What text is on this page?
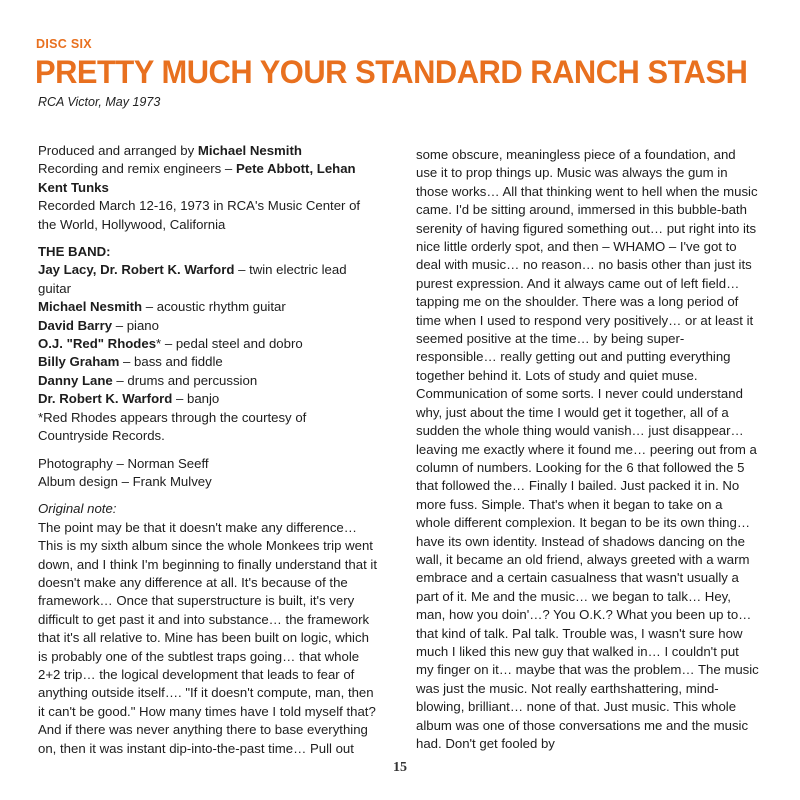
DISC SIX
PRETTY MUCH YOUR STANDARD RANCH STASH
RCA Victor, May 1973

Produced and arranged by Michael Nesmith

Recording and remix engineers – Pete Abbott, Lehan Kent Tunks

Recorded March 12-16, 1973 in RCA's Music Center of the World, Hollywood, California

THE BAND:

Jay Lacy, Dr. Robert K. Warford – twin electric lead guitar

Michael Nesmith – acoustic rhythm guitar

David Barry – piano

O.J. "Red" Rhodes* – pedal steel and dobro

Billy Graham – bass and fiddle

Danny Lane – drums and percussion

Dr. Robert K. Warford – banjo

*Red Rhodes appears through the courtesy of Countryside Records.

Photography – Norman Seeff

Album design – Frank Mulvey

Original note:

The point may be that it doesn't make any difference… This is my sixth album since the whole Monkees trip went down, and I think I'm beginning to finally understand that it doesn't make any difference at all. It's because of the framework… Once that superstructure is built, it's very difficult to get past it and into substance… the framework that it's all relative to. Mine has been built on logic, which is probably one of the subtlest traps going… that whole 2+2 trip… the logical development that leads to fear of anything outside itself…. "If it doesn't compute, man, then it can't be good." How many times have I told myself that? And if there was never anything there to base everything on, then it was instant dip-into-the-past time… Pull out

some obscure, meaningless piece of a foundation, and use it to prop things up. Music was always the gum in those works… All that thinking went to hell when the music came. I'd be sitting around, immersed in this bubble-bath serenity of having figured something out… put right into its nice little orderly spot, and then – WHAMO – I've got to deal with music… no reason… no basis other than just its purest expression. And it always came out of left field… tapping me on the shoulder. There was a long period of time when I used to respond very positively… or at least it seemed positive at the time… by being super-responsible… really getting out and putting everything together behind it. Lots of study and quiet muse. Communication of some sorts. I never could understand why, just about the time I would get it together, all of a sudden the whole thing would vanish… just disappear… leaving me exactly where it found me… peering out from a column of numbers. Looking for the 6 that followed the 5 that followed the… Finally I bailed. Just packed it in. No more fuss. Simple. That's when it began to take on a whole different complexion. It began to be its own thing… have its own identity. Instead of shadows dancing on the wall, it became an old friend, always greeted with a warm embrace and a certain casualness that wasn't usually a part of it. Me and the music… we began to talk… Hey, man, how you doin'…? You O.K.? What you been up to… that kind of talk. Pal talk. Trouble was, I wasn't sure how much I liked this new guy that walked in… I couldn't put my finger on it… maybe that was the problem… The music was just the music. Not really earthshattering, mind-blowing, brilliant… none of that. Just music. This whole album was one of those conversations me and the music had. Don't get fooled by

15
